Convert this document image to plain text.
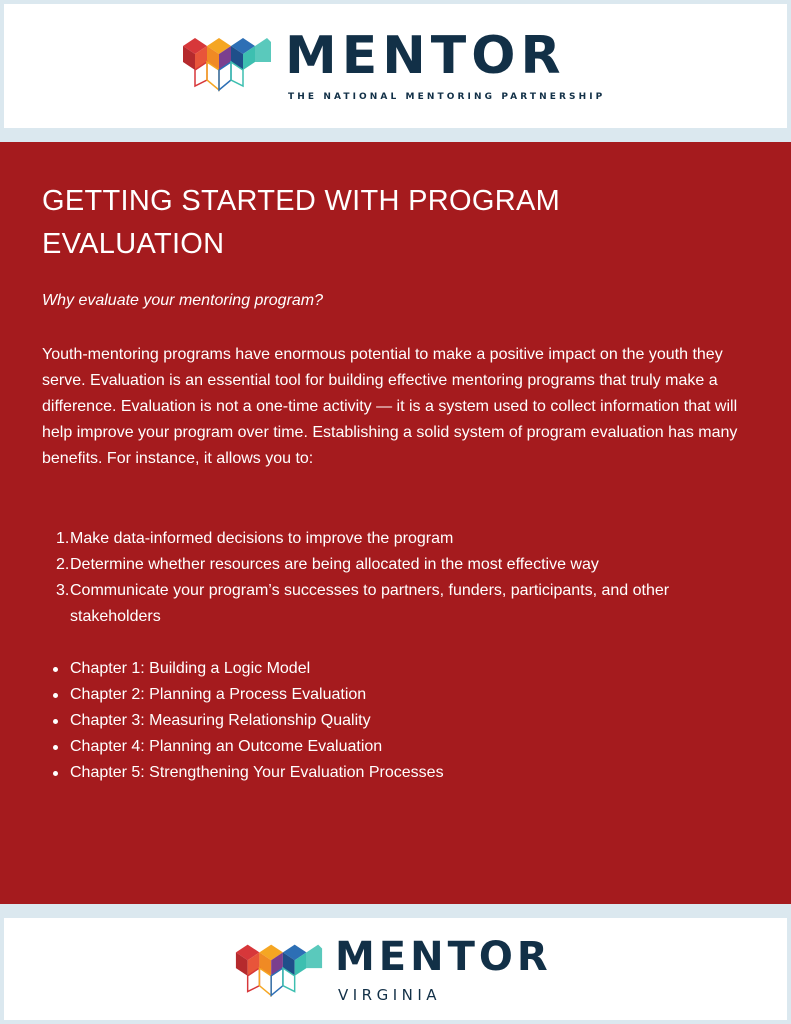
MENTOR
THE NATIONAL MENTORING PARTNERSHIP
GETTING STARTED WITH PROGRAM EVALUATION

Why evaluate your mentoring program?

Youth-mentoring programs have enormous potential to make a positive impact on the youth they serve. Evaluation is an essential tool for building effective mentoring programs that truly make a difference. Evaluation is not a one-time activity — it is a system used to collect information that will help improve your program over time. Establishing a solid system of program evaluation has many benefits. For instance, it allows you to:

1. Make data-informed decisions to improve the program
2. Determine whether resources are being allocated in the most effective way
3. Communicate your program’s successes to partners, funders, participants, and other stakeholders
Chapter 1: Building a Logic Model
Chapter 2: Planning a Process Evaluation
Chapter 3: Measuring Relationship Quality
Chapter 4: Planning an Outcome Evaluation
Chapter 5: Strengthening Your Evaluation Processes
MENTOR
VIRGINIA
